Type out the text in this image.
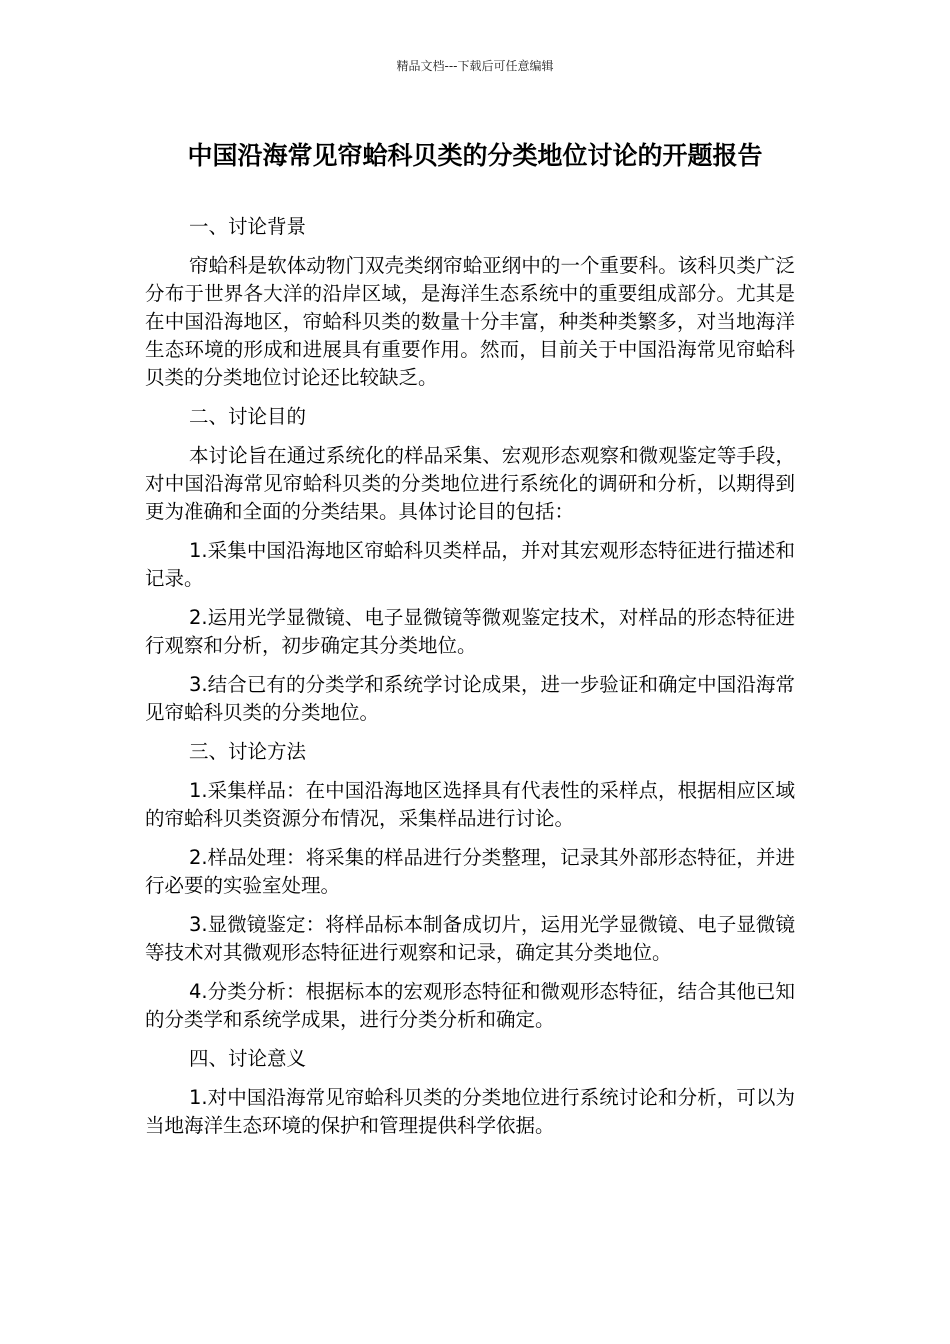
精品文档---下载后可任意编辑
中国沿海常见帘蛤科贝类的分类地位讨论的开题报告

一、讨论背景

帘蛤科是软体动物门双壳类纲帘蛤亚纲中的一个重要科。该科贝类广泛分布于世界各大洋的沿岸区域，是海洋生态系统中的重要组成部分。尤其是在中国沿海地区，帘蛤科贝类的数量十分丰富，种类种类繁多，对当地海洋生态环境的形成和进展具有重要作用。然而，目前关于中国沿海常见帘蛤科贝类的分类地位讨论还比较缺乏。

二、讨论目的

本讨论旨在通过系统化的样品采集、宏观形态观察和微观鉴定等手段，对中国沿海常见帘蛤科贝类的分类地位进行系统化的调研和分析，以期得到更为准确和全面的分类结果。具体讨论目的包括：

1.采集中国沿海地区帘蛤科贝类样品，并对其宏观形态特征进行描述和记录。

2.运用光学显微镜、电子显微镜等微观鉴定技术，对样品的形态特征进行观察和分析，初步确定其分类地位。

3.结合已有的分类学和系统学讨论成果，进一步验证和确定中国沿海常见帘蛤科贝类的分类地位。

三、讨论方法

1.采集样品：在中国沿海地区选择具有代表性的采样点，根据相应区域的帘蛤科贝类资源分布情况，采集样品进行讨论。

2.样品处理：将采集的样品进行分类整理，记录其外部形态特征，并进行必要的实验室处理。

3.显微镜鉴定：将样品标本制备成切片，运用光学显微镜、电子显微镜等技术对其微观形态特征进行观察和记录，确定其分类地位。

4.分类分析：根据标本的宏观形态特征和微观形态特征，结合其他已知的分类学和系统学成果，进行分类分析和确定。

四、讨论意义

1.对中国沿海常见帘蛤科贝类的分类地位进行系统讨论和分析，可以为当地海洋生态环境的保护和管理提供科学依据。
